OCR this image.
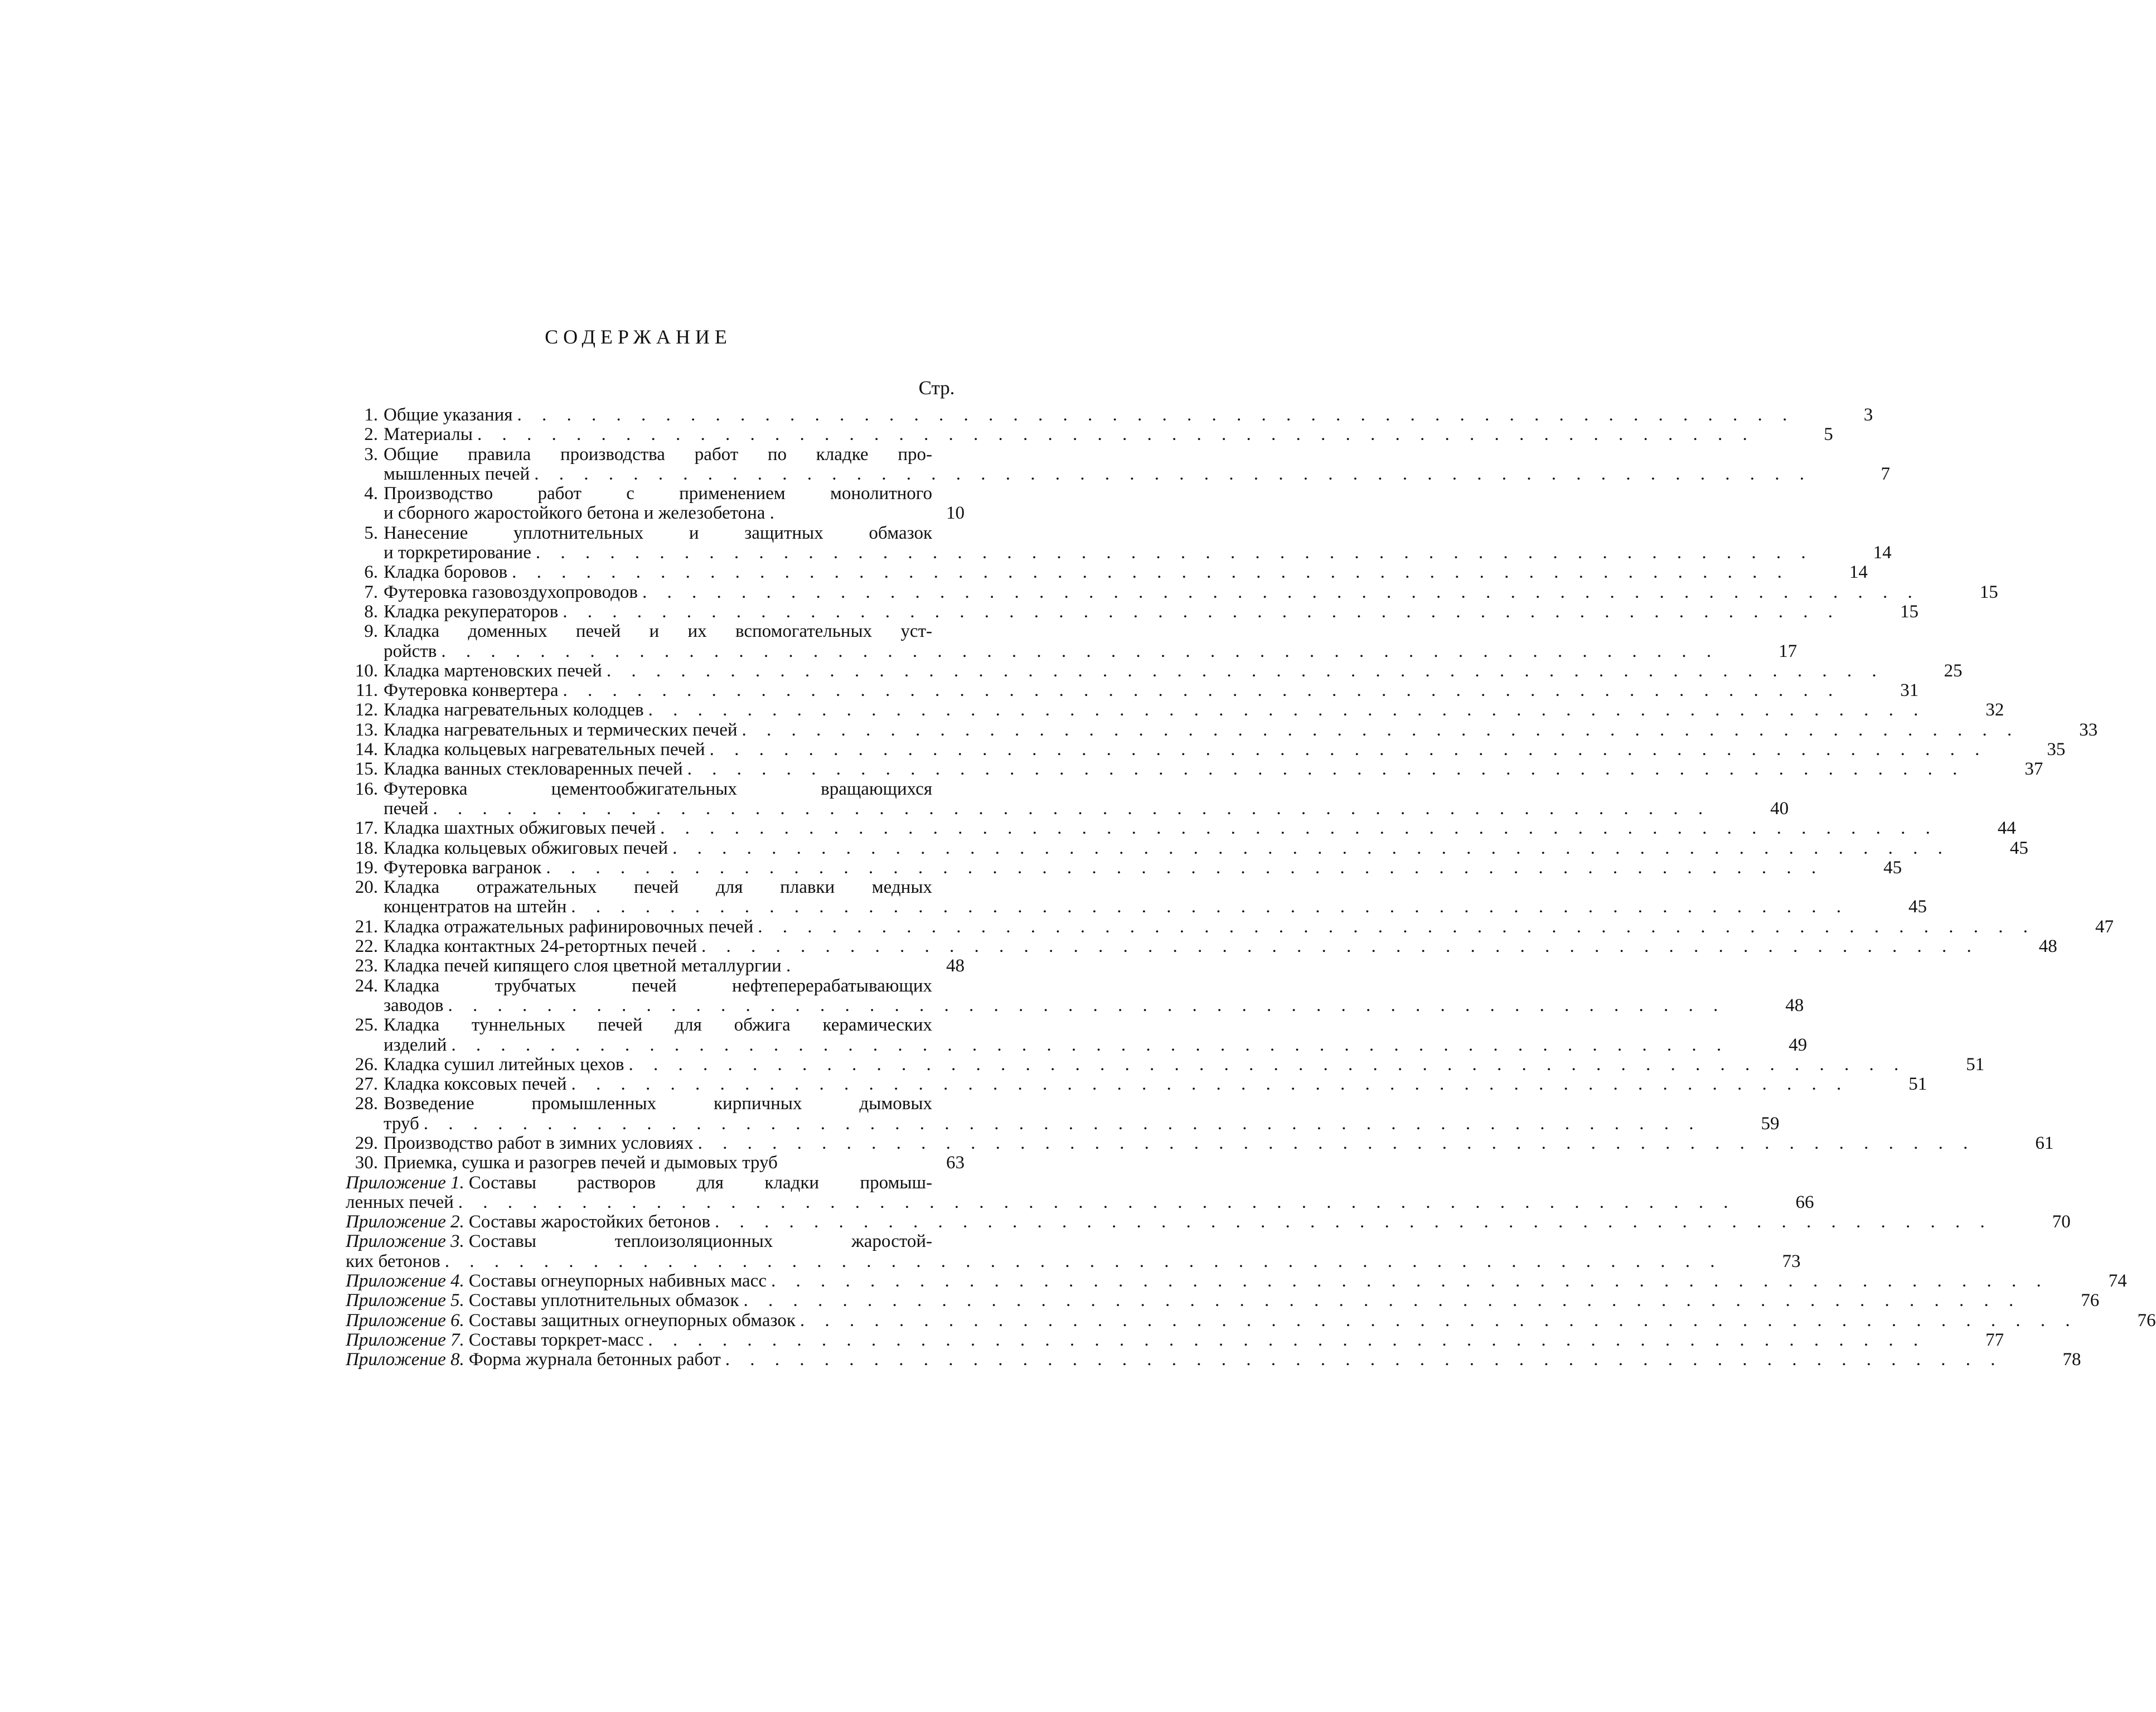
СОДЕРЖАНИЕ
Стр.
1. Общие указания . . . . . . . . . . . . . . . . . . . . . . . . . . . . . . . . . . . . . . . . . . . . . . . . . . . .	3
2. Материалы . . . . . . . . . . . . . . . . . . . . . . . . . . . . . . . . . . . . . . . . . . . . . . . . . . . .	5
3. Общие правила производства работ по кладке про-
мышленных печей . . . . . . . . . . . . . . . . . . . . . . . . . . . . . . . . . . . . . . . . . . . . . . . . . . . .	7
4. Производство работ с применением монолитного
и сборного жаростойкого бетона и железобетона .	10
5. Нанесение уплотнительных и защитных обмазок
и торкретирование . . . . . . . . . . . . . . . . . . . . . . . . . . . . . . . . . . . . . . . . . . . . . . . . . . . .	14
6. Кладка боровов . . . . . . . . . . . . . . . . . . . . . . . . . . . . . . . . . . . . . . . . . . . . . . . . . . . .	14
7. Футеровка газовоздухопроводов . . . . . . . . . . . . . . . . . . . . . . . . . . . . . . . . . . . . . . . . . . . . . . . . . . . .	15
8. Кладка рекуператоров . . . . . . . . . . . . . . . . . . . . . . . . . . . . . . . . . . . . . . . . . . . . . . . . . . . .	15
9. Кладка доменных печей и их вспомогательных уст-
ройств . . . . . . . . . . . . . . . . . . . . . . . . . . . . . . . . . . . . . . . . . . . . . . . . . . . .	17
10. Кладка мартеновских печей . . . . . . . . . . . . . . . . . . . . . . . . . . . . . . . . . . . . . . . . . . . . . . . . . . . .	25
11. Футеровка конвертера . . . . . . . . . . . . . . . . . . . . . . . . . . . . . . . . . . . . . . . . . . . . . . . . . . . .	31
12. Кладка нагревательных колодцев . . . . . . . . . . . . . . . . . . . . . . . . . . . . . . . . . . . . . . . . . . . . . . . . . . . .	32
13. Кладка нагревательных и термических печей . . . . . . . . . . . . . . . . . . . . . . . . . . . . . . . . . . . . . . . . . . . . . . . . . . . .	33
14. Кладка кольцевых нагревательных печей . . . . . . . . . . . . . . . . . . . . . . . . . . . . . . . . . . . . . . . . . . . . . . . . . . . .	35
15. Кладка ванных стекловаренных печей . . . . . . . . . . . . . . . . . . . . . . . . . . . . . . . . . . . . . . . . . . . . . . . . . . . .	37
16. Футеровка цементообжигательных вращающихся
печей . . . . . . . . . . . . . . . . . . . . . . . . . . . . . . . . . . . . . . . . . . . . . . . . . . . .	40
17. Кладка шахтных обжиговых печей . . . . . . . . . . . . . . . . . . . . . . . . . . . . . . . . . . . . . . . . . . . . . . . . . . . .	44
18. Кладка кольцевых обжиговых печей . . . . . . . . . . . . . . . . . . . . . . . . . . . . . . . . . . . . . . . . . . . . . . . . . . . .	45
19. Футеровка вагранок . . . . . . . . . . . . . . . . . . . . . . . . . . . . . . . . . . . . . . . . . . . . . . . . . . . .	45
20. Кладка отражательных печей для плавки медных
концентратов на штейн . . . . . . . . . . . . . . . . . . . . . . . . . . . . . . . . . . . . . . . . . . . . . . . . . . . .	45
21. Кладка отражательных рафинировочных печей . . . . . . . . . . . . . . . . . . . . . . . . . . . . . . . . . . . . . . . . . . . . . . . . . . . .	47
22. Кладка контактных 24-ретортных печей . . . . . . . . . . . . . . . . . . . . . . . . . . . . . . . . . . . . . . . . . . . . . . . . . . . .	48
23. Кладка печей кипящего слоя цветной металлургии .	48
24. Кладка трубчатых печей нефтеперерабатывающих
заводов . . . . . . . . . . . . . . . . . . . . . . . . . . . . . . . . . . . . . . . . . . . . . . . . . . . .	48
25. Кладка туннельных печей для обжига керамических
изделий . . . . . . . . . . . . . . . . . . . . . . . . . . . . . . . . . . . . . . . . . . . . . . . . . . . .	49
26. Кладка сушил литейных цехов . . . . . . . . . . . . . . . . . . . . . . . . . . . . . . . . . . . . . . . . . . . . . . . . . . . .	51
27. Кладка коксовых печей . . . . . . . . . . . . . . . . . . . . . . . . . . . . . . . . . . . . . . . . . . . . . . . . . . . .	51
28. Возведение промышленных кирпичных дымовых
труб . . . . . . . . . . . . . . . . . . . . . . . . . . . . . . . . . . . . . . . . . . . . . . . . . . . .	59
29. Производство работ в зимних условиях . . . . . . . . . . . . . . . . . . . . . . . . . . . . . . . . . . . . . . . . . . . . . . . . . . . .	61
30. Приемка, сушка и разогрев печей и дымовых труб	63
Приложение 1. Составы растворов для кладки промыш-
ленных печей . . . . . . . . . . . . . . . . . . . . . . . . . . . . . . . . . . . . . . . . . . . . . . . . . . . .	66
Приложение 2. Составы жаростойких бетонов . . . . . . . . . . . . . . . . . . . . . . . . . . . . . . . . . . . . . . . . . . . . . . . . . . . .	70
Приложение 3. Составы теплоизоляционных жаростой-
ких бетонов . . . . . . . . . . . . . . . . . . . . . . . . . . . . . . . . . . . . . . . . . . . . . . . . . . . .	73
Приложение 4. Составы огнеупорных набивных масс . . . . . . . . . . . . . . . . . . . . . . . . . . . . . . . . . . . . . . . . . . . . . . . . . . . .	74
Приложение 5. Составы уплотнительных обмазок . . . . . . . . . . . . . . . . . . . . . . . . . . . . . . . . . . . . . . . . . . . . . . . . . . . .	76
Приложение 6. Составы защитных огнеупорных обмазок . . . . . . . . . . . . . . . . . . . . . . . . . . . . . . . . . . . . . . . . . . . . . . . . . . . .	76
Приложение 7. Составы торкрет-масс . . . . . . . . . . . . . . . . . . . . . . . . . . . . . . . . . . . . . . . . . . . . . . . . . . . .	77
Приложение 8. Форма журнала бетонных работ . . . . . . . . . . . . . . . . . . . . . . . . . . . . . . . . . . . . . . . . . . . . . . . . . . . .	78
